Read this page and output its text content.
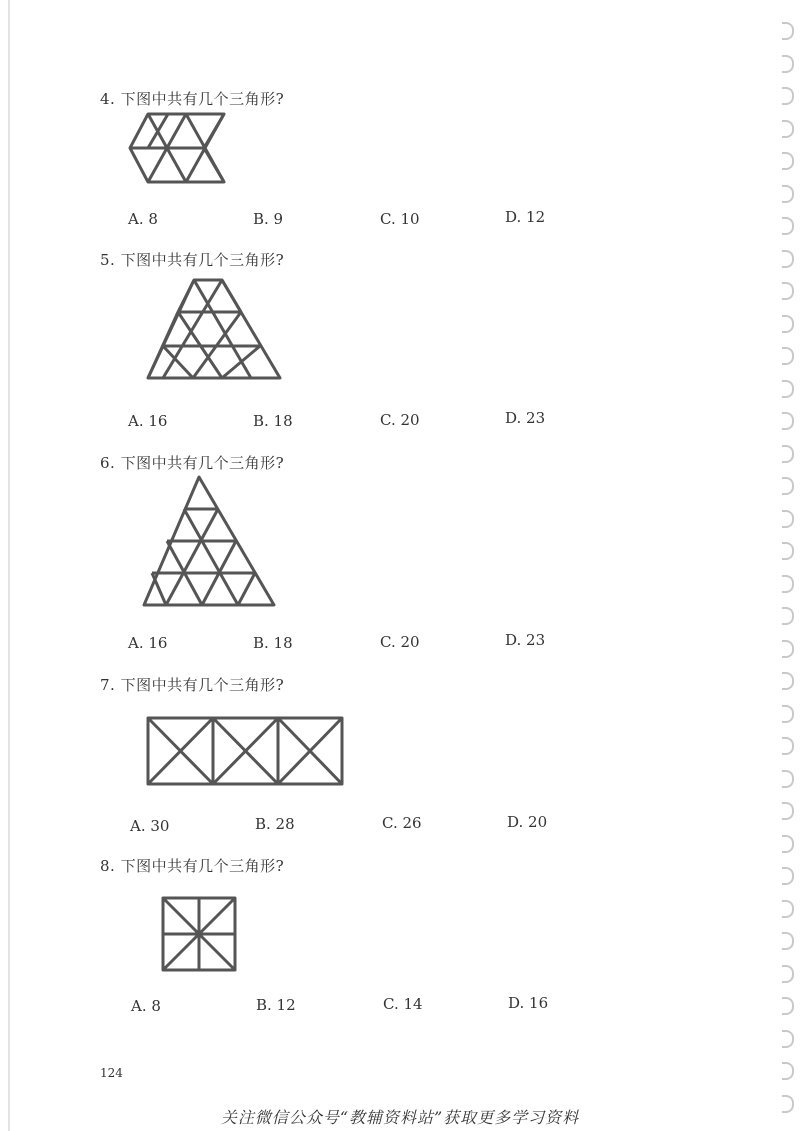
4. 下图中共有几个三角形?
A. 8	B. 9	C. 10	D. 12
5. 下图中共有几个三角形?
A. 16	B. 18	C. 20	D. 23
6. 下图中共有几个三角形?
A. 16	B. 18	C. 20	D. 23
7. 下图中共有几个三角形?
A. 30	B. 28	C. 26	D. 20
8. 下图中共有几个三角形?
A. 8	B. 12	C. 14	D. 16
124
关注微信公众号“教辅资料站”获取更多学习资料
